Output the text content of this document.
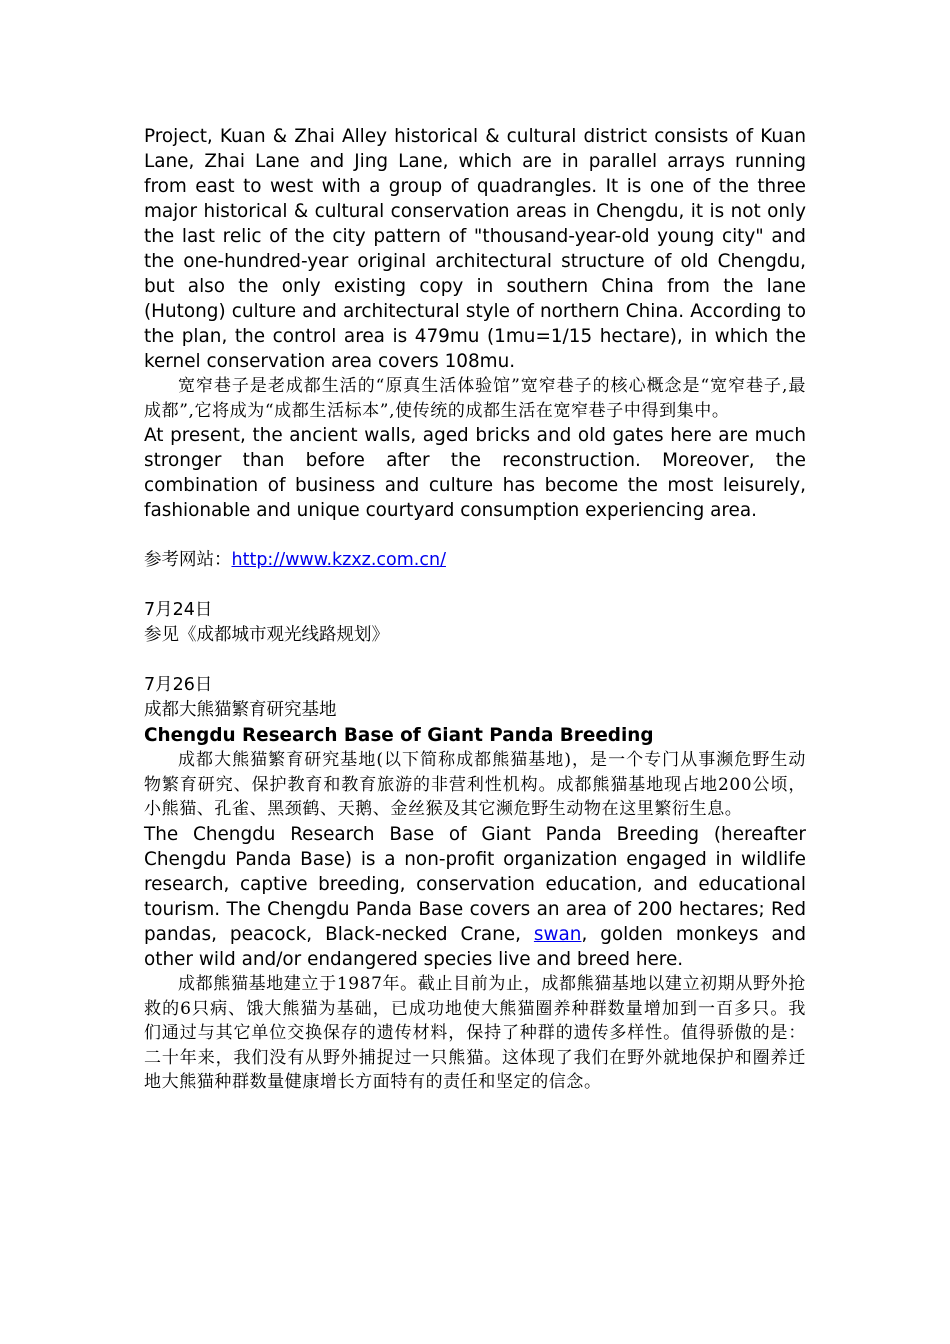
Project, Kuan & Zhai Alley historical & cultural district consists of Kuan Lane, Zhai Lane and Jing Lane, which are in parallel arrays running from east to west with a group of quadrangles. It is one of the three major historical & cultural conservation areas in Chengdu, it is not only the last relic of the city pattern of "thousand-year-old young city" and the one-hundred-year original architectural structure of old Chengdu, but also the only existing copy in southern China from the lane (Hutong) culture and architectural style of northern China. According to the plan, the control area is 479mu (1mu=1/15 hectare), in which the kernel conservation area covers 108mu.

宽窄巷子是老成都生活的“原真生活体验馆”宽窄巷子的核心概念是“宽窄巷子,最成都”,它将成为“成都生活标本”,使传统的成都生活在宽窄巷子中得到集中。

At present, the ancient walls, aged bricks and old gates here are much stronger than before after the reconstruction. Moreover, the combination of business and culture has become the most leisurely, fashionable and unique courtyard consumption experiencing area.

参考网站：http://www.kzxz.com.cn/

7月24日

参见《成都城市观光线路规划》

7月26日

成都大熊猫繁育研究基地

Chengdu Research Base of Giant Panda Breeding

成都大熊猫繁育研究基地(以下简称成都熊猫基地)，是一个专门从事濒危野生动物繁育研究、保护教育和教育旅游的非营利性机构。成都熊猫基地现占地200公顷，小熊猫、孔雀、黑颈鹤、天鹅、金丝猴及其它濒危野生动物在这里繁衍生息。

The Chengdu Research Base of Giant Panda Breeding (hereafter Chengdu Panda Base) is a non-profit organization engaged in wildlife research, captive breeding, conservation education, and educational tourism. The Chengdu Panda Base covers an area of 200 hectares; Red pandas, peacock, Black-necked Crane, swan, golden monkeys and other wild and/or endangered species live and breed here.

成都熊猫基地建立于1987年。截止目前为止，成都熊猫基地以建立初期从野外抢救的6只病、饿大熊猫为基础，已成功地使大熊猫圈养种群数量增加到一百多只。我们通过与其它单位交换保存的遗传材料，保持了种群的遗传多样性。值得骄傲的是：二十年来，我们没有从野外捕捉过一只熊猫。这体现了我们在野外就地保护和圈养迁地大熊猫种群数量健康增长方面特有的责任和坚定的信念。
